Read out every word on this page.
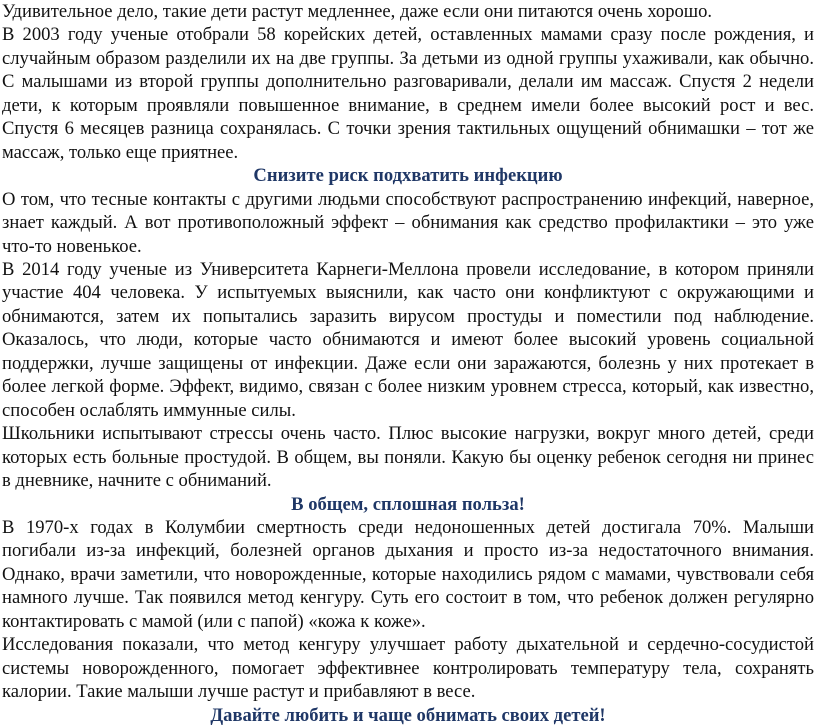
Удивительное дело, такие дети растут медленнее, даже если они питаются очень хорошо.

В 2003 году ученые отобрали 58 корейских детей, оставленных мамами сразу после рождения, и случайным образом разделили их на две группы. За детьми из одной группы ухаживали, как обычно. С малышами из второй группы дополнительно разговаривали, делали им массаж. Спустя 2 недели дети, к которым проявляли повышенное внимание, в среднем имели более высокий рост и вес. Спустя 6 месяцев разница сохранялась. С точки зрения тактильных ощущений обнимашки – тот же массаж, только еще приятнее.

Снизите риск подхватить инфекцию

О том, что тесные контакты с другими людьми способствуют распространению инфекций, наверное, знает каждый. А вот противоположный эффект – обнимания как средство профилактики – это уже что-то новенькое.

В 2014 году ученые из Университета Карнеги-Меллона провели исследование, в котором приняли участие 404 человека. У испытуемых выяснили, как часто они конфликтуют с окружающими и обнимаются, затем их попытались заразить вирусом простуды и поместили под наблюдение. Оказалось, что люди, которые часто обнимаются и имеют более высокий уровень социальной поддержки, лучше защищены от инфекции. Даже если они заражаются, болезнь у них протекает в более легкой форме. Эффект, видимо, связан с более низким уровнем стресса, который, как известно, способен ослаблять иммунные силы.

Школьники испытывают стрессы очень часто. Плюс высокие нагрузки, вокруг много детей, среди которых есть больные простудой. В общем, вы поняли. Какую бы оценку ребенок сегодня ни принес в дневнике, начните с обниманий.

В общем, сплошная польза!

В 1970-х годах в Колумбии смертность среди недоношенных детей достигала 70%. Малыши погибали из-за инфекций, болезней органов дыхания и просто из-за недостаточного внимания. Однако, врачи заметили, что новорожденные, которые находились рядом с мамами, чувствовали себя намного лучше. Так появился метод кенгуру. Суть его состоит в том, что ребенок должен регулярно контактировать с мамой (или с папой) «кожа к коже».

Исследования показали, что метод кенгуру улучшает работу дыхательной и сердечно-сосудистой системы новорожденного, помогает эффективнее контролировать температуру тела, сохранять калории. Такие малыши лучше растут и прибавляют в весе.

Давайте любить и чаще обнимать своих детей!
